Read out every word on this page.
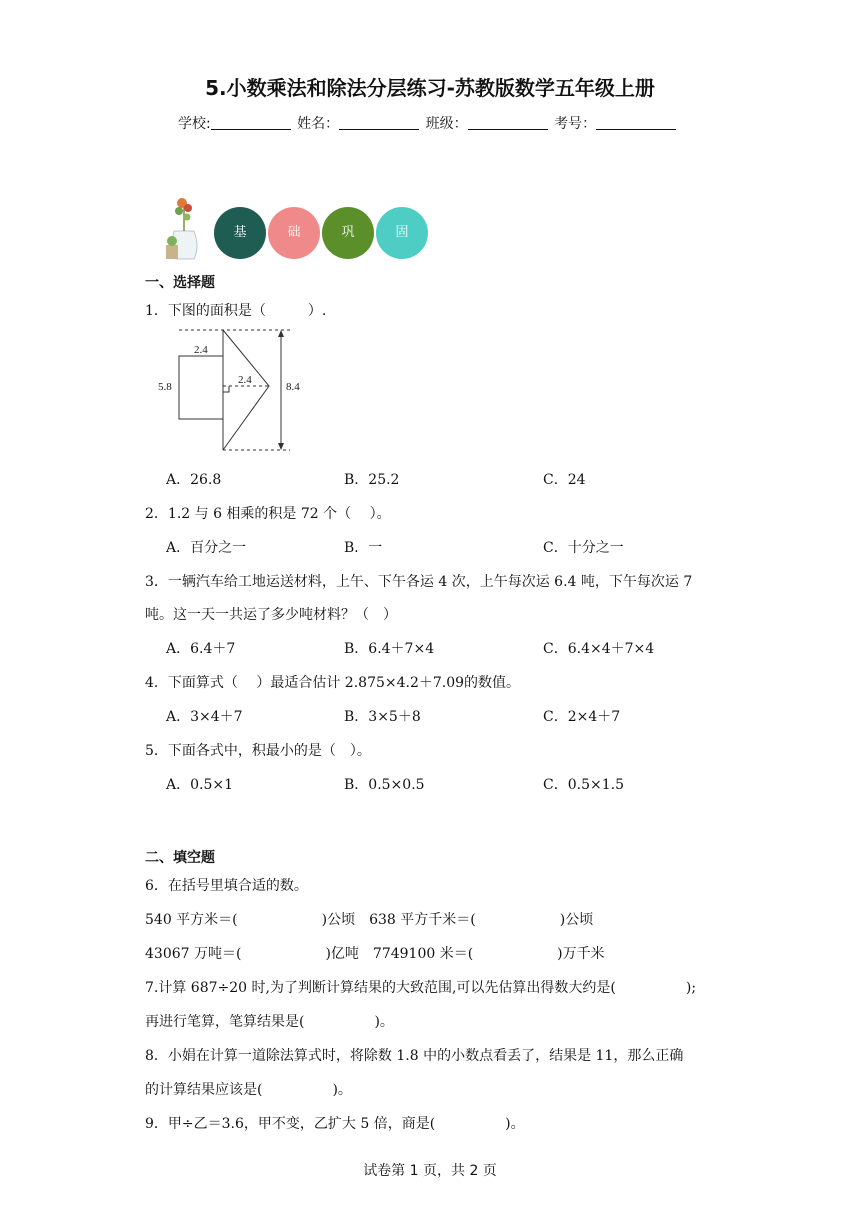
5.小数乘法和除法分层练习-苏教版数学五年级上册
学校:	姓名：	班级：	考号：
基	础	巩	固
一、选择题
1．下图的面积是（　　　）.
2.4
5.8
2.4
8.4
A．26.8	B．25.2	C．24
2．1.2 与 6 相乘的积是 72 个（　 ）。
A．百分之一	B．一	C．十分之一
3．一辆汽车给工地运送材料，上午、下午各运 4 次，上午每次运 6.4 吨，下午每次运 7
吨。这一天一共运了多少吨材料？（　）
A．6.4＋7	B．6.4＋7×4	C．6.4×4＋7×4
4．下面算式（　 ）最适合估计 2.875×4.2＋7.09的数值。
A．3×4＋7	B．3×5＋8	C．2×4＋7
5．下面各式中，积最小的是（　）。
A．0.5×1	B．0.5×0.5	C．0.5×1.5
二、填空题
6．在括号里填合适的数。
540 平方米＝(　　　　　　)公顷　638 平方千米＝(　　　　　　)公顷
43067 万吨＝(　　　　　　)亿吨　7749100 米＝(　　　　　　)万千米
7.计算 687÷20 时,为了判断计算结果的大致范围,可以先估算出得数大约是(　　　　　);
再进行笔算，笔算结果是(　　　　　)。
8．小娟在计算一道除法算式时，将除数 1.8 中的小数点看丢了，结果是 11，那么正确
的计算结果应该是(　　　　　)。
9．甲÷乙＝3.6，甲不变，乙扩大 5 倍，商是(　　　　　)。
试卷第 1 页，共 2 页
